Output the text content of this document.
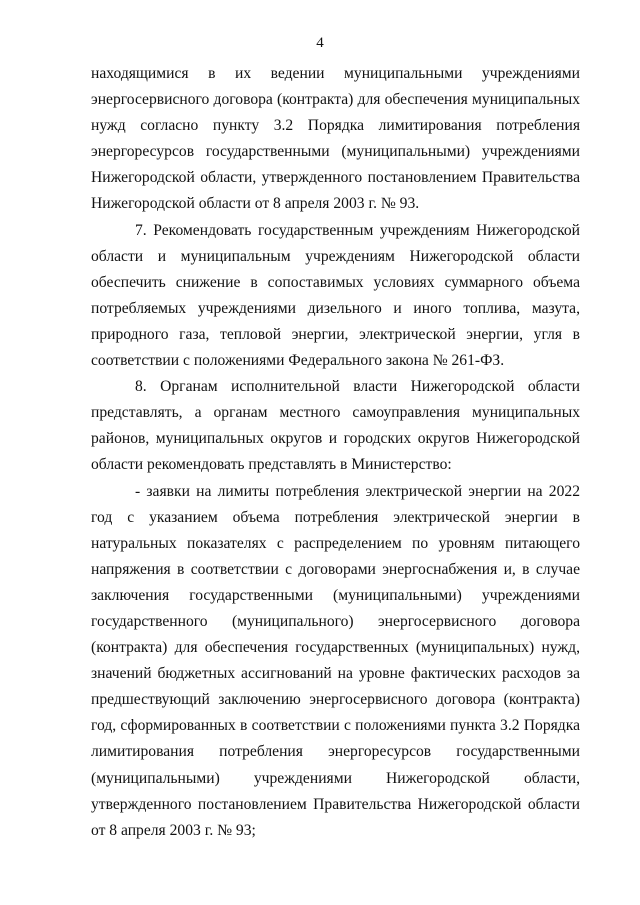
4

находящимися в их ведении муниципальными учреждениями энергосервисного договора (контракта) для обеспечения муниципальных нужд согласно пункту 3.2 Порядка лимитирования потребления энергоресурсов государственными (муниципальными) учреждениями Нижегородской области, утвержденного постановлением Правительства Нижегородской области от 8 апреля 2003 г. № 93.

7. Рекомендовать государственным учреждениям Нижегородской области и муниципальным учреждениям Нижегородской области обеспечить снижение в сопоставимых условиях суммарного объема потребляемых учреждениями дизельного и иного топлива, мазута, природного газа, тепловой энергии, электрической энергии, угля в соответствии с положениями Федерального закона № 261-ФЗ.

8. Органам исполнительной власти Нижегородской области представлять, а органам местного самоуправления муниципальных районов, муниципальных округов и городских округов Нижегородской области рекомендовать представлять в Министерство:

- заявки на лимиты потребления электрической энергии на 2022 год с указанием объема потребления электрической энергии в натуральных показателях с распределением по уровням питающего напряжения в соответствии с договорами энергоснабжения и, в случае заключения государственными (муниципальными) учреждениями государственного (муниципального) энергосервисного договора (контракта) для обеспечения государственных (муниципальных) нужд, значений бюджетных ассигнований на уровне фактических расходов за предшествующий заключению энергосервисного договора (контракта) год, сформированных в соответствии с положениями пункта 3.2 Порядка лимитирования потребления энергоресурсов государственными (муниципальными) учреждениями Нижегородской области, утвержденного постановлением Правительства Нижегородской области от 8 апреля 2003 г. № 93;
